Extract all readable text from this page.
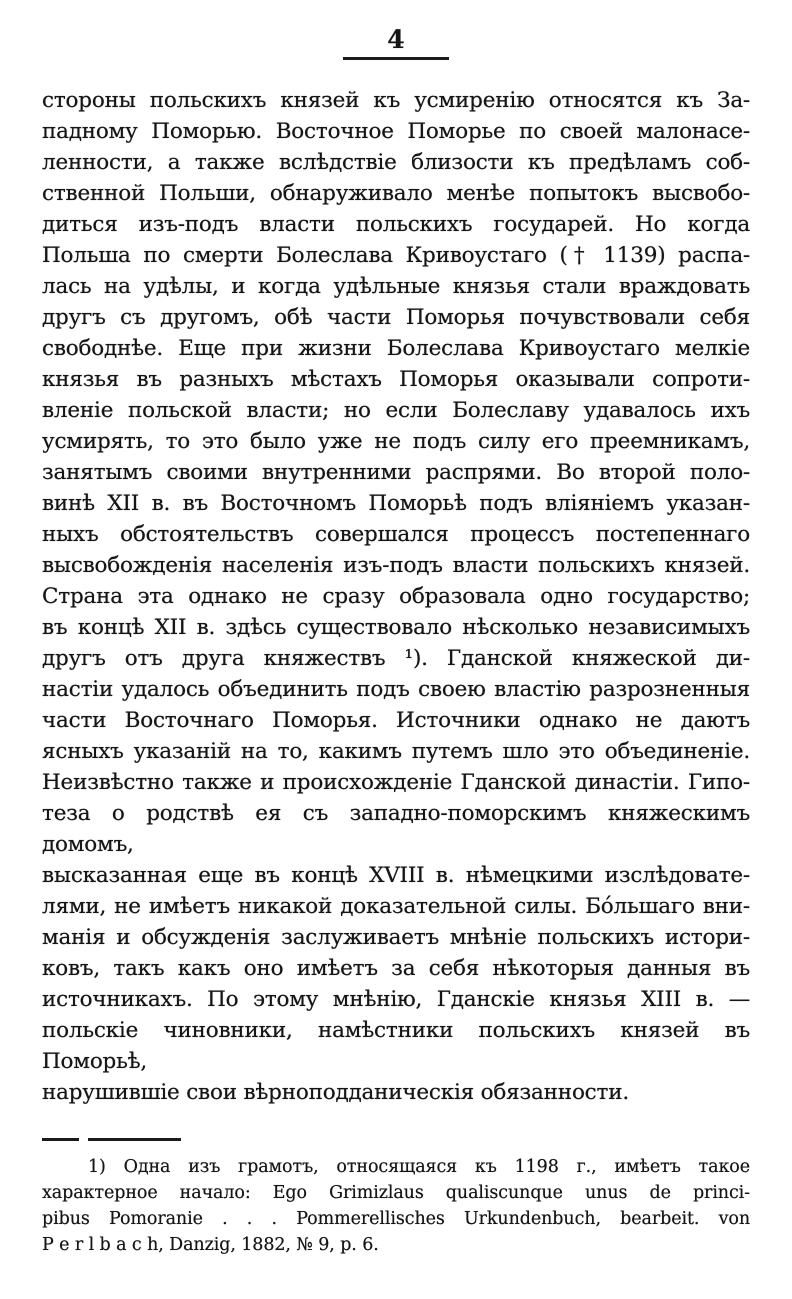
4
стороны польскихъ князей къ усмиренію относятся къ За-
падному Поморью. Восточное Поморье по своей малонасе-
ленности, а также вслѣдствіе близости къ предѣламъ соб-
ственной Польши, обнаруживало менѣе попытокъ высвобо-
диться изъ-подъ власти польскихъ государей. Но когда
Польша по смерти Болеслава Кривоустаго († 1139) распа-
лась на удѣлы, и когда удѣльные князья стали враждовать
другъ съ другомъ, обѣ части Поморья почувствовали себя
свободнѣе. Еще при жизни Болеслава Кривоустаго мелкіе
князья въ разныхъ мѣстахъ Поморья оказывали сопроти-
вленіе польской власти; но если Болеславу удавалось ихъ
усмирять, то это было уже не подъ силу его преемникамъ,
занятымъ своими внутренними распрями. Во второй поло-
винѣ XII в. въ Восточномъ Поморьѣ подъ вліяніемъ указан-
ныхъ обстоятельствъ совершался процессъ постепеннаго
высвобожденія населенія изъ-подъ власти польскихъ князей.
Страна эта однако не сразу образовала одно государство;
въ концѣ XII в. здѣсь существовало нѣсколько независимыхъ
другъ отъ друга княжествъ ¹). Гданской княжеской ди-
настіи удалось объединить подъ своею властію разрозненныя
части Восточнаго Поморья. Источники однако не даютъ
ясныхъ указаній на то, какимъ путемъ шло это объединеніе.
Неизвѣстно также и происхожденіе Гданской династіи. Гипо-
теза о родствѣ ея съ западно-поморскимъ княжескимъ домомъ,
высказанная еще въ концѣ XVIII в. нѣмецкими изслѣдовате-
лями, не имѣетъ никакой доказательной силы. Бо́льшаго вни-
манія и обсужденія заслуживаетъ мнѣніе польскихъ истори-
ковъ, такъ какъ оно имѣетъ за себя нѣкоторыя данныя въ
источникахъ. По этому мнѣнію, Гданскіе князья XIII в. —
польскіе чиновники, намѣстники польскихъ князей въ Поморьѣ,
нарушившіе свои вѣрноподданическія обязанности.
1) Одна изъ грамотъ, относящаяся къ 1198 г., имѣетъ такое
характерное начало: Ego Grimizlaus qualiscunque unus de princi-
pibus Pomoranie . . . Pommerellisches Urkundenbuch, bearbeit. von
P e r l b a c h, Danzig, 1882, № 9, p. 6.
